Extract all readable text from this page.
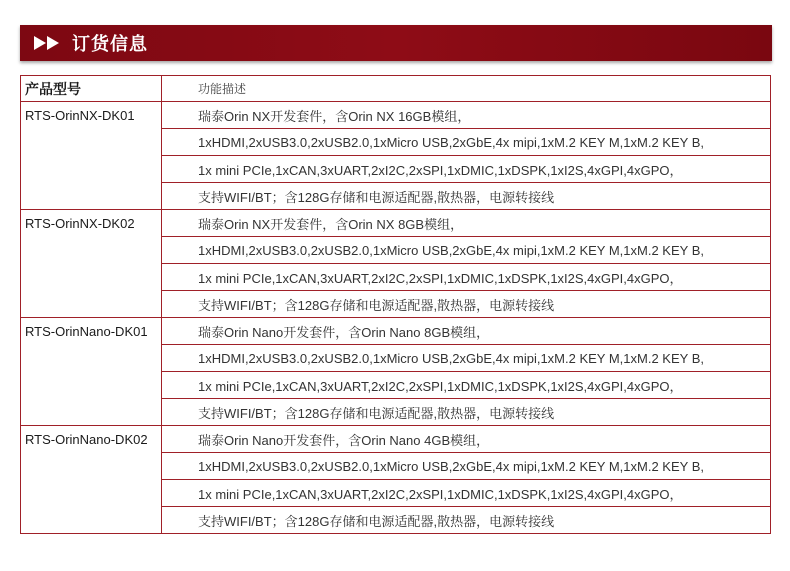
订货信息
产品型号	功能描述
RTS-OrinNX-DK01	瑞泰Orin NX开发套件，含Orin NX 16GB模组，
	1xHDMI,2xUSB3.0,2xUSB2.0,1xMicro USB,2xGbE,4x mipi,1xM.2 KEY M,1xM.2 KEY B,
	1x mini PCIe,1xCAN,3xUART,2xI2C,2xSPI,1xDMIC,1xDSPK,1xI2S,4xGPI,4xGPO，
	支持WIFI/BT；含128G存储和电源适配器,散热器，电源转接线
RTS-OrinNX-DK02	瑞泰Orin NX开发套件，含Orin NX 8GB模组，
	1xHDMI,2xUSB3.0,2xUSB2.0,1xMicro USB,2xGbE,4x mipi,1xM.2 KEY M,1xM.2 KEY B,
	1x mini PCIe,1xCAN,3xUART,2xI2C,2xSPI,1xDMIC,1xDSPK,1xI2S,4xGPI,4xGPO，
	支持WIFI/BT；含128G存储和电源适配器,散热器，电源转接线
RTS-OrinNano-DK01	瑞泰Orin Nano开发套件，含Orin Nano 8GB模组，
	1xHDMI,2xUSB3.0,2xUSB2.0,1xMicro USB,2xGbE,4x mipi,1xM.2 KEY M,1xM.2 KEY B,
	1x mini PCIe,1xCAN,3xUART,2xI2C,2xSPI,1xDMIC,1xDSPK,1xI2S,4xGPI,4xGPO，
	支持WIFI/BT；含128G存储和电源适配器,散热器，电源转接线
RTS-OrinNano-DK02	瑞泰Orin Nano开发套件，含Orin Nano 4GB模组，
	1xHDMI,2xUSB3.0,2xUSB2.0,1xMicro USB,2xGbE,4x mipi,1xM.2 KEY M,1xM.2 KEY B,
	1x mini PCIe,1xCAN,3xUART,2xI2C,2xSPI,1xDMIC,1xDSPK,1xI2S,4xGPI,4xGPO，
	支持WIFI/BT；含128G存储和电源适配器,散热器，电源转接线
